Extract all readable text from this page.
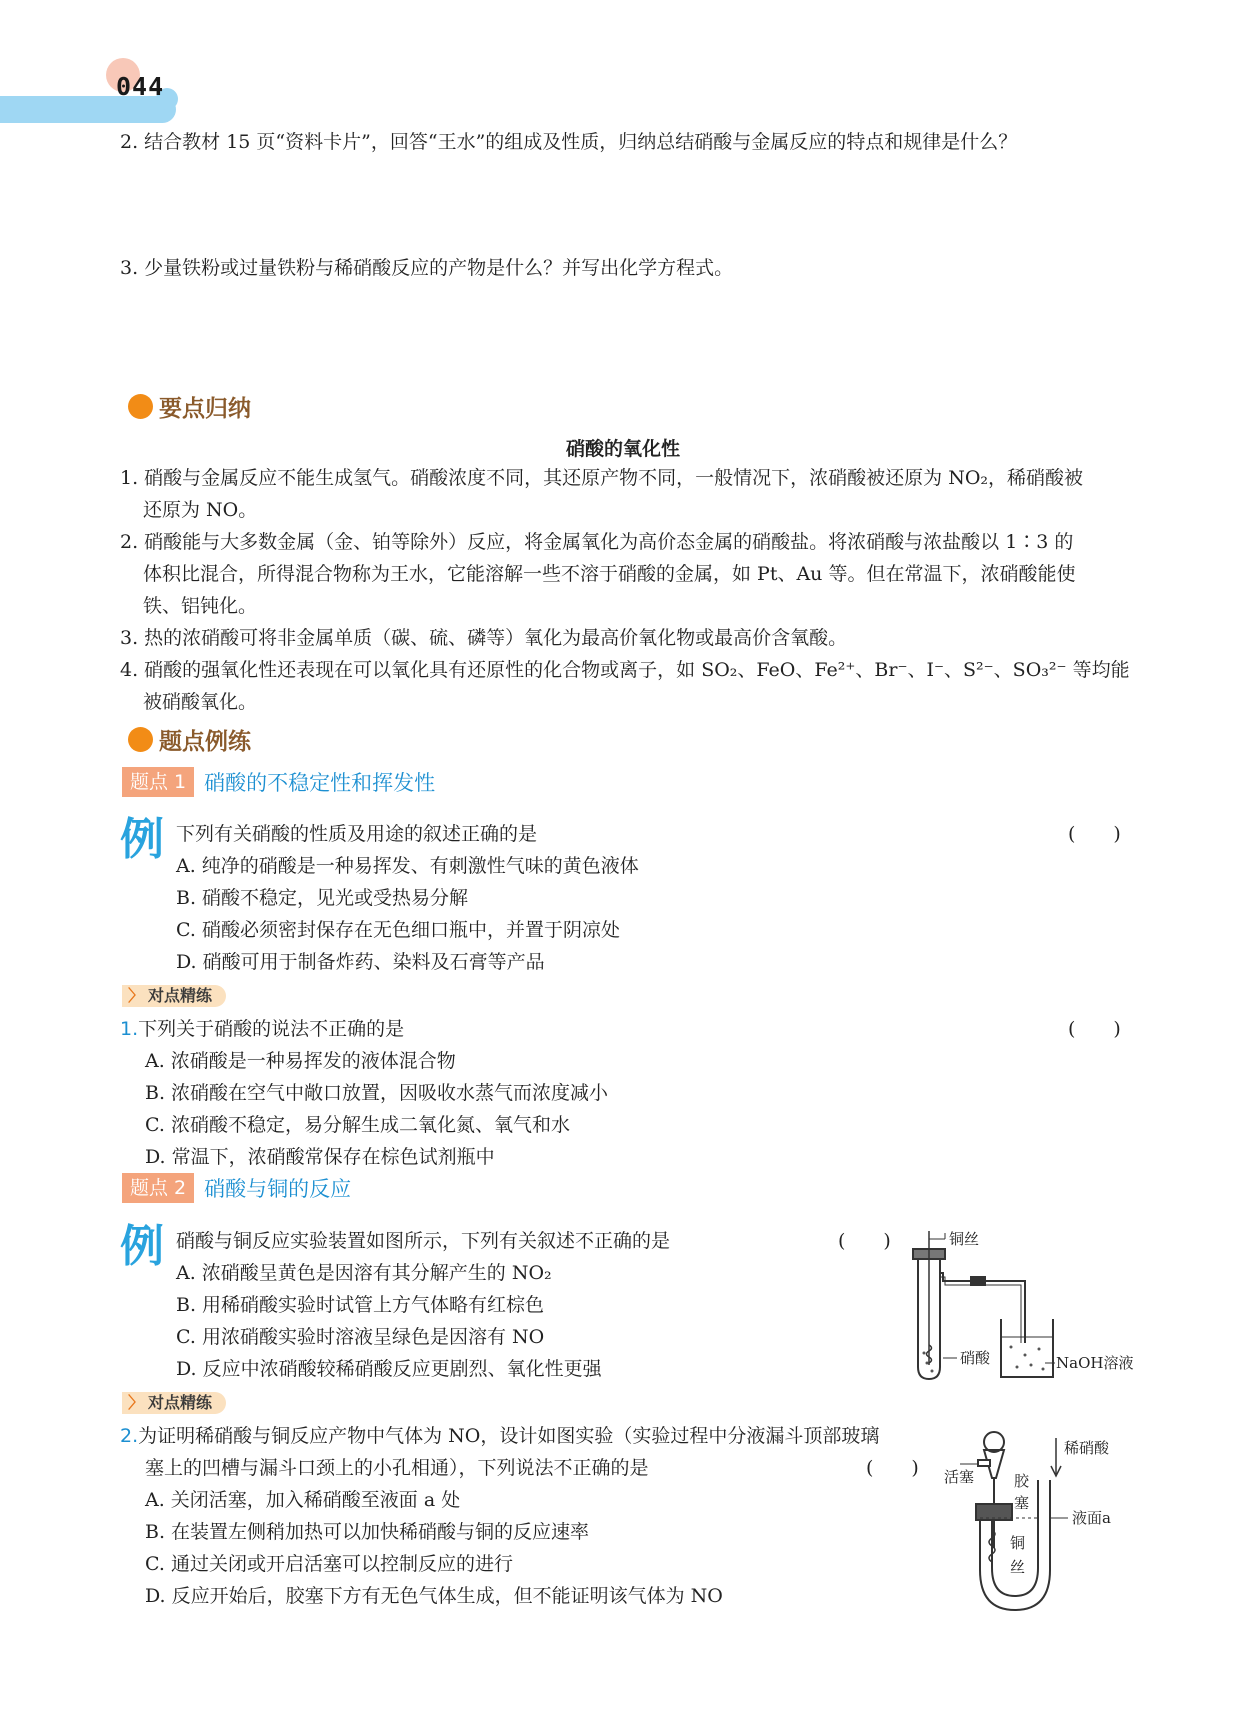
044
2. 结合教材 15 页“资料卡片”，回答“王水”的组成及性质，归纳总结硝酸与金属反应的特点和规律是什么？
3. 少量铁粉或过量铁粉与稀硝酸反应的产物是什么？并写出化学方程式。
要点归纳
硝酸的氧化性
1. 硝酸与金属反应不能生成氢气。硝酸浓度不同，其还原产物不同，一般情况下，浓硝酸被还原为 NO₂，稀硝酸被
还原为 NO。
2. 硝酸能与大多数金属（金、铂等除外）反应，将金属氧化为高价态金属的硝酸盐。将浓硝酸与浓盐酸以 1∶3 的
体积比混合，所得混合物称为王水，它能溶解一些不溶于硝酸的金属，如 Pt、Au 等。但在常温下，浓硝酸能使
铁、铝钝化。
3. 热的浓硝酸可将非金属单质（碳、硫、磷等）氧化为最高价氧化物或最高价含氧酸。
4. 硝酸的强氧化性还表现在可以氧化具有还原性的化合物或离子，如 SO₂、FeO、Fe²⁺、Br⁻、I⁻、S²⁻、SO₃²⁻ 等均能
被硝酸氧化。
题点例练
题点 1 硝酸的不稳定性和挥发性
例 下列有关硝酸的性质及用途的叙述正确的是	(　　)
A. 纯净的硝酸是一种易挥发、有刺激性气味的黄色液体
B. 硝酸不稳定，见光或受热易分解
C. 硝酸必须密封保存在无色细口瓶中，并置于阴凉处
D. 硝酸可用于制备炸药、染料及石膏等产品
〉 对点精练
1.下列关于硝酸的说法不正确的是	(　　)
A. 浓硝酸是一种易挥发的液体混合物
B. 浓硝酸在空气中敞口放置，因吸收水蒸气而浓度减小
C. 浓硝酸不稳定，易分解生成二氧化氮、氧气和水
D. 常温下，浓硝酸常保存在棕色试剂瓶中
题点 2 硝酸与铜的反应
例 硝酸与铜反应实验装置如图所示，下列有关叙述不正确的是	(　　)
A. 浓硝酸呈黄色是因溶有其分解产生的 NO₂
B. 用稀硝酸实验时试管上方气体略有红棕色
C. 用浓硝酸实验时溶液呈绿色是因溶有 NO
D. 反应中浓硝酸较稀硝酸反应更剧烈、氧化性更强
铜丝
硝酸	NaOH溶液
〉 对点精练
2.为证明稀硝酸与铜反应产物中气体为 NO，设计如图实验（实验过程中分液漏斗顶部玻璃
塞上的凹槽与漏斗口颈上的小孔相通），下列说法不正确的是	(　　)
A. 关闭活塞，加入稀硝酸至液面 a 处
B. 在装置左侧稍加热可以加快稀硝酸与铜的反应速率
C. 通过关闭或开启活塞可以控制反应的进行
D. 反应开始后，胶塞下方有无色气体生成，但不能证明该气体为 NO
稀硝酸
活塞	胶
塞
液面a
铜
丝
